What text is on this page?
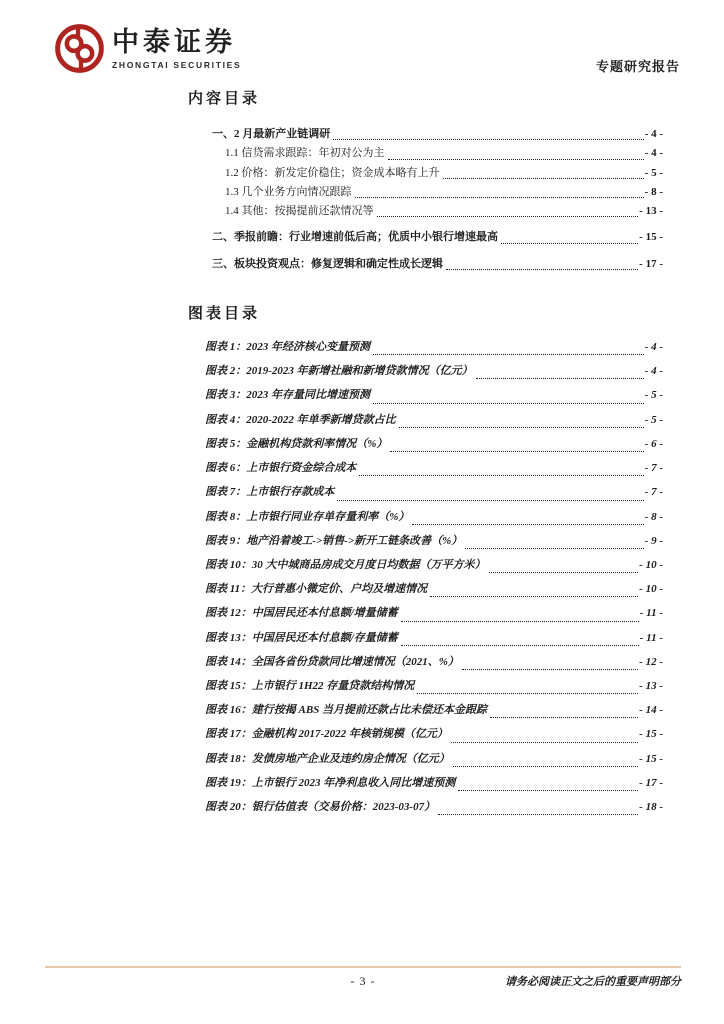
中泰证券
ZHONGTAI SECURITIES	专题研究报告
内容目录
一、2 月最新产业链调研	- 4 -
1.1 信贷需求跟踪：年初对公为主	- 4 -
1.2 价格：新发定价稳住；资金成本略有上升	- 5 -
1.3 几个业务方向情况跟踪	- 8 -
1.4 其他：按揭提前还款情况等	- 13 -
二、季报前瞻：行业增速前低后高；优质中小银行增速最高	- 15 -
三、板块投资观点：修复逻辑和确定性成长逻辑	- 17 -
图表目录
图表 1：2023 年经济核心变量预测	- 4 -
图表 2：2019-2023 年新增社融和新增贷款情况（亿元）	- 4 -
图表 3：2023 年存量同比增速预测	- 5 -
图表 4：2020-2022 年单季新增贷款占比	- 5 -
图表 5：金融机构贷款利率情况（%）	- 6 -
图表 6：上市银行资金综合成本	- 7 -
图表 7：上市银行存款成本	- 7 -
图表 8：上市银行同业存单存量利率（%）	- 8 -
图表 9：地产沿着竣工->销售->新开工链条改善（%）	- 9 -
图表 10：30 大中城商品房成交月度日均数据（万平方米）	- 10 -
图表 11：大行普惠小微定价、户均及增速情况	- 10 -
图表 12：中国居民还本付息额/增量储蓄	- 11 -
图表 13：中国居民还本付息额/存量储蓄	- 11 -
图表 14：全国各省份贷款同比增速情况（2021、%）	- 12 -
图表 15：上市银行 1H22 存量贷款结构情况	- 13 -
图表 16：建行按揭 ABS 当月提前还款占比未偿还本金跟踪	- 14 -
图表 17：金融机构 2017-2022 年核销规模（亿元）	- 15 -
图表 18：发债房地产企业及违约房企情况（亿元）	- 15 -
图表 19：上市银行 2023 年净利息收入同比增速预测	- 17 -
图表 20：银行估值表（交易价格：2023-03-07）	- 18 -
- 3 -	请务必阅读正文之后的重要声明部分
